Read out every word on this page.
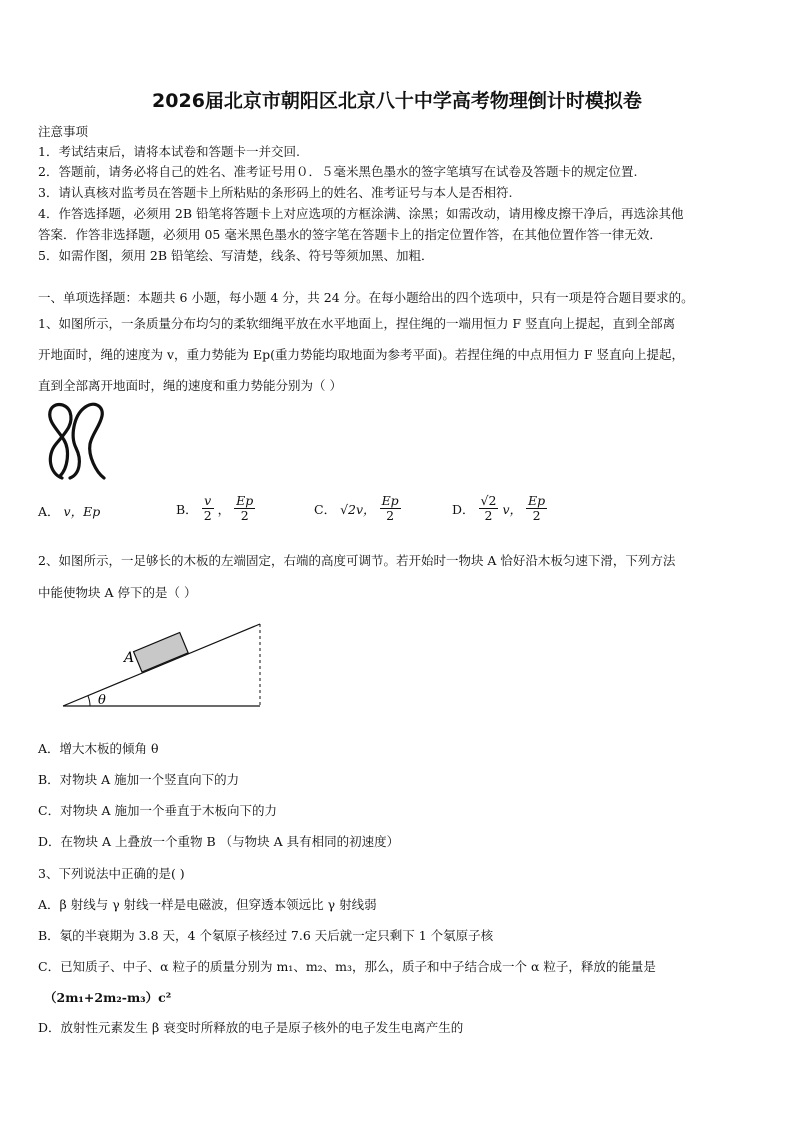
2026届北京市朝阳区北京八十中学高考物理倒计时模拟卷
注意事项
1．考试结束后，请将本试卷和答题卡一并交回.
2．答题前，请务必将自己的姓名、准考证号用０．５毫米黑色墨水的签字笔填写在试卷及答题卡的规定位置.
3．请认真核对监考员在答题卡上所粘贴的条形码上的姓名、准考证号与本人是否相符.
4．作答选择题，必须用 2B 铅笔将答题卡上对应选项的方框涂满、涂黑；如需改动，请用橡皮擦干净后，再选涂其他
答案．作答非选择题，必须用 05 毫米黑色墨水的签字笔在答题卡上的指定位置作答，在其他位置作答一律无效．
5．如需作图，须用 2B 铅笔绘、写清楚，线条、符号等须加黑、加粗．
一、单项选择题：本题共 6 小题，每小题 4 分，共 24 分。在每小题给出的四个选项中，只有一项是符合题目要求的。
1、如图所示，一条质量分布均匀的柔软细绳平放在水平地面上，捏住绳的一端用恒力 F 竖直向上提起，直到全部离
开地面时，绳的速度为 v，重力势能为 Ep(重力势能均取地面为参考平面)。若捏住绳的中点用恒力 F 竖直向上提起，
直到全部离开地面时，绳的速度和重力势能分别为（ ）
A． v，Ep	B． $\frac{v}{2}$ ， $\frac{Ep}{2}$	C． √2v， $\frac{Ep}{2}$	D． $\frac{√2}{2}$ v， $\frac{Ep}{2}$
2、如图所示，一足够长的木板的左端固定，右端的高度可调节。若开始时一物块 A 恰好沿木板匀速下滑，下列方法
中能使物块 A 停下的是（ ）
A
θ
A．增大木板的倾角 θ
B．对物块 A 施加一个竖直向下的力
C．对物块 A 施加一个垂直于木板向下的力
D．在物块 A 上叠放一个重物 B （与物块 A 具有相同的初速度）
3、下列说法中正确的是( )
A．β 射线与 γ 射线一样是电磁波，但穿透本领远比 γ 射线弱
B．氡的半衰期为 3.8 天，4 个氡原子核经过 7.6 天后就一定只剩下 1 个氡原子核
C．已知质子、中子、α 粒子的质量分别为 m₁、m₂、m₃，那么，质子和中子结合成一个 α 粒子，释放的能量是
（2m₁+2m₂-m₃）c²
D．放射性元素发生 β 衰变时所释放的电子是原子核外的电子发生电离产生的
